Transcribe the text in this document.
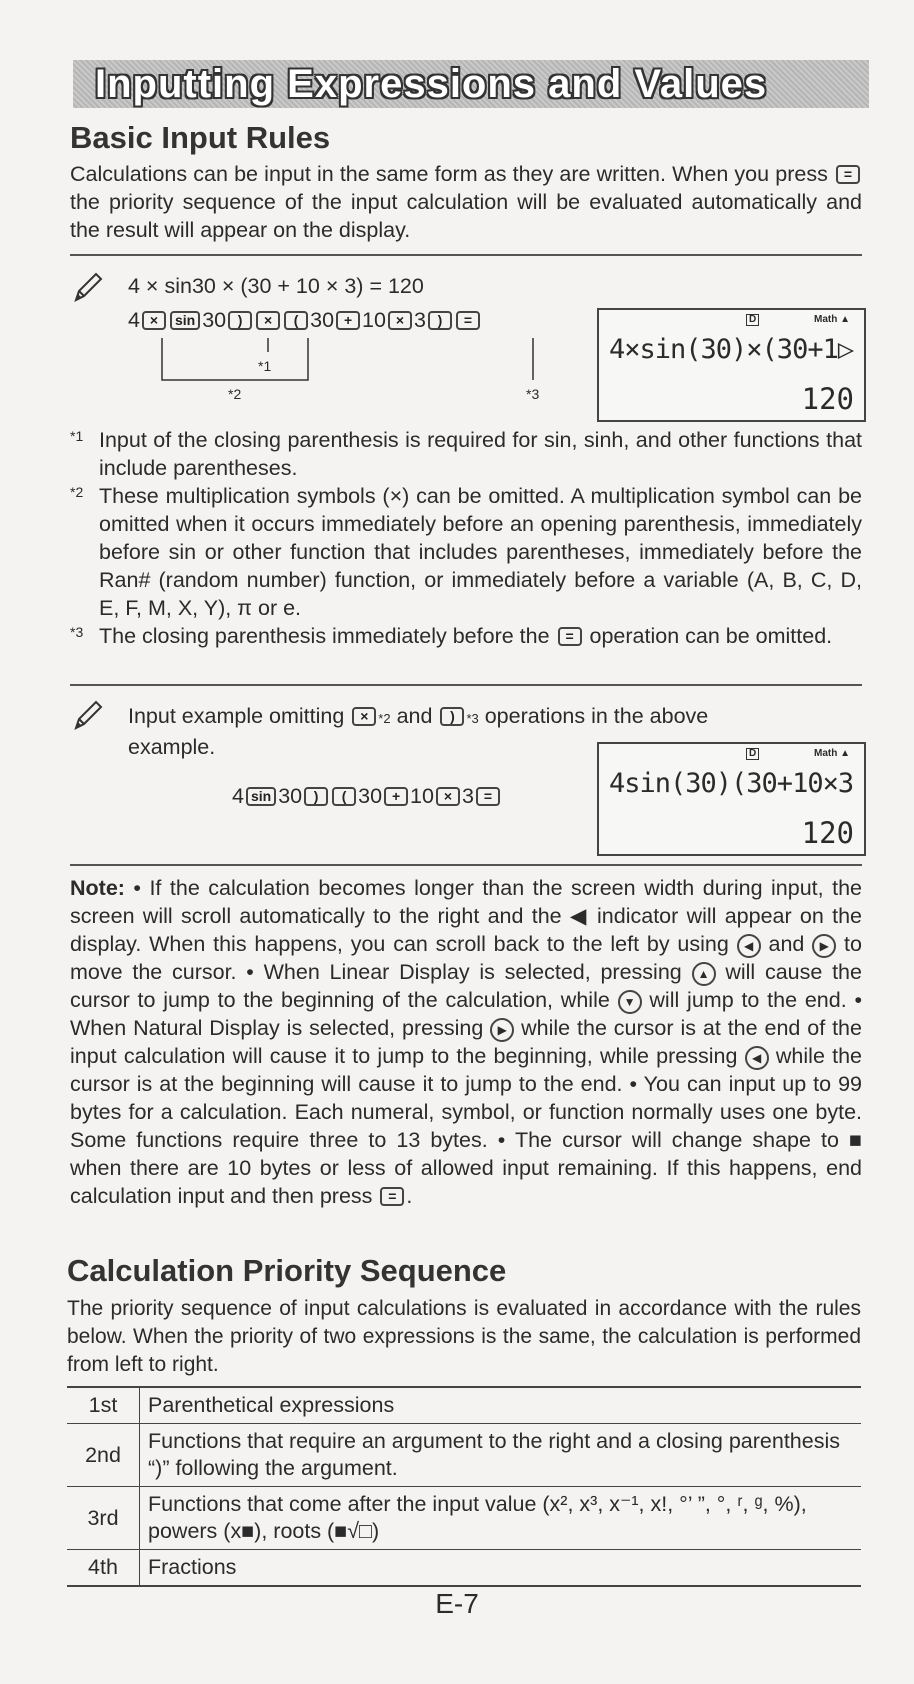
Inputting Expressions and Values
Basic Input Rules

Calculations can be input in the same form as they are written. When you press = the priority sequence of the input calculation will be evaluated automatically and the result will appear on the display.

4 × sin30 × (30 + 10 × 3) = 120
4 × sin 30 ) × ( 30 + 10 × 3 ) =
*1
*2	*3
D	Math ▲
4×sin(30)×(30+1▷
120
*1 Input of the closing parenthesis is required for sin, sinh, and other functions that include parentheses.

*2 These multiplication symbols (×) can be omitted. A multiplication symbol can be omitted when it occurs immediately before an opening parenthesis, immediately before sin or other function that includes parentheses, immediately before the Ran# (random number) function, or immediately before a variable (A, B, C, D, E, F, M, X, Y), π or e.

*3 The closing parenthesis immediately before the = operation can be omitted.

Input example omitting × *2 and ) *3 operations in the above example.

4 sin 30 ) ( 30 + 10 × 3 =
D	Math ▲
4sin(30)(30+10×3
120

Note: • If the calculation becomes longer than the screen width during input, the screen will scroll automatically to the right and the ◀ indicator will appear on the display. When this happens, you can scroll back to the left by using ◀ and ▶ to move the cursor. • When Linear Display is selected, pressing ▲ will cause the cursor to jump to the beginning of the calculation, while ▼ will jump to the end. • When Natural Display is selected, pressing ▶ while the cursor is at the end of the input calculation will cause it to jump to the beginning, while pressing ◀ while the cursor is at the beginning will cause it to jump to the end. • You can input up to 99 bytes for a calculation. Each numeral, symbol, or function normally uses one byte. Some functions require three to 13 bytes. • The cursor will change shape to ■ when there are 10 bytes or less of allowed input remaining. If this happens, end calculation input and then press = .

Calculation Priority Sequence

The priority sequence of input calculations is evaluated in accordance with the rules below. When the priority of two expressions is the same, the calculation is performed from left to right.

1st	Parenthetical expressions
2nd	Functions that require an argument to the right and a closing parenthesis “)” following the argument.
3rd	Functions that come after the input value (x², x³, x⁻¹, x!, °’ ”, °, ʳ, ᵍ, %), powers (x■), roots (■√□)
4th	Fractions
E-7
